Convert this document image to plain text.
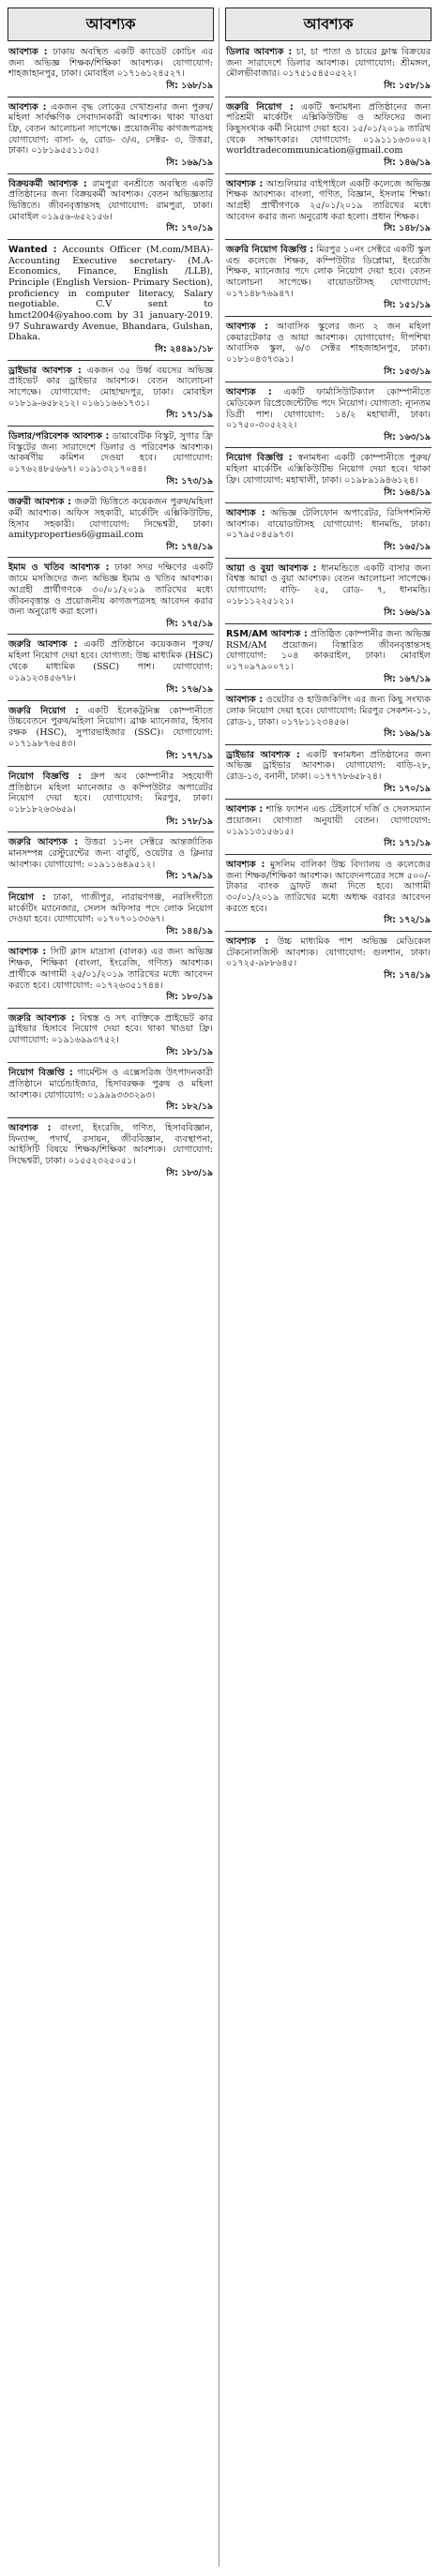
আবশ্যক
আবশ্যক : ঢাকায় অবস্থিত একটি ক্যাডেট কোচিং এর জন্য অভিজ্ঞ শিক্ষক/শিক্ষিকা আবশ্যক। যোগাযোগ: শাহজাহানপুর, ঢাকা। মোবাইল ০১৭১৬১২৪৫২৭।
সি: ১৬৮/১৯
আবশ্যক : একজন বৃদ্ধ লোকের দেখাশুনার জন্য পুরুষ/মহিলা সার্বক্ষণিক সেবাদানকারী আবশ্যক। থাকা খাওয়া ফ্রি, বেতন আলোচনা সাপেক্ষে। প্রয়োজনীয় কাগজপত্রসহ যোগাযোগ: বাসা- ৬, রোড- ৩/এ, সেক্টর- ৩, উত্তরা, ঢাকা। ০১৮১৯৫৫১১৩৫।
সি: ১৬৯/১৯
বিক্রয়কর্মী আবশ্যক : রামপুরা বনশ্রীতে অবস্থিত একটি প্রতিষ্ঠানের জন্য বিক্রয়কর্মী আবশ্যক। বেতন অভিজ্ঞতার ভিত্তিতে। জীবনবৃত্তান্তসহ যোগাযোগ: রামপুরা, ঢাকা। মোবাইল ০১৯৫৬-৬৫২১৫৬।
সি: ১৭০/১৯
Wanted : Accounts Officer (M.com/MBA)-Accounting Executive secretary- (M.A-Economics, Finance, English /LLB), Principle (English Version- Primary Section), proficiency in computer literacy, Salary negotiable. C.V sent to hmct2004@yahoo.com by 31 january-2019. 97 Suhrawardy Avenue, Bhandara, Gulshan, Dhaka.
সি: ২৪৪৯১/১৮
ড্রাইভার আবশ্যক : একজন ৩৫ উর্ধ্ব বয়সের অভিজ্ঞ প্রাইভেট কার ড্রাইভার আবশ্যক। বেতন আলোচনা সাপেক্ষে। যোগাযোগ: মোহাম্মদপুর, ঢাকা। মোবাইল ০১৮১৯-৬৫৮২১২। ০১৬১১৬৬১৭৩১।
সি: ১৭১/১৯
ডিলার/পরিবেশক আবশ্যক : ডায়াবেটিক বিস্কুট, সুগার ফ্রি বিস্কুটের জন্য সারাদেশে ডিলার ও পরিবেশক আবশ্যক। আকর্ষণীয় কমিশন দেওয়া হবে। যোগাযোগ: ০১৭৬২৪৮৫৬৬৭। ০১৯১৩২১৭০৪৪।
সি: ১৭৩/১৯
জরুরী আবশ্যক : জরুরী ভিত্তিতে কয়েকজন পুরুষ/মহিলা কর্মী আবশ্যক। অফিস সহকারী, মার্কেটিং এক্সিকিউটিভ, হিসাব সহকারী। যোগাযোগ: সিদ্ধেশ্বরী, ঢাকা। amityproperties6@gmail.com
সি: ১৭৪/১৯
ইমাম ও খতিব আবশ্যক : ঢাকা সদর দক্ষিণের একটি জামে মসজিদের জন্য অভিজ্ঞ ইমাম ও খতিব আবশ্যক। আগ্রহী প্রার্থীগণকে ৩০/০১/২০১৯ তারিখের মধ্যে জীবনবৃত্তান্ত ও প্রয়োজনীয় কাগজপত্রসহ আবেদন করার জন্য অনুরোধ করা হলো।
সি: ১৭৫/১৯
জরুরি আবশ্যক : একটি প্রতিষ্ঠানে কয়েকজন পুরুষ/মহিলা নিয়োগ দেয়া হবে। যোগ্যতা: উচ্চ মাধ্যমিক (HSC) থেকে মাধ্যমিক (SSC) পাশ। যোগাযোগ: ০১৯১২৩৪৫৬৭৮।
সি: ১৭৬/১৯
জরুরি নিয়োগ : একটি ইলেকট্রনিক্স কোম্পানীতে উচ্চবেতনে পুরুষ/মহিলা নিয়োগ। ব্রাঞ্চ ম্যানেজার, হিসাব রক্ষক (HSC), সুপারভাইজার (SSC)। যোগাযোগ: ০১৭১৯৮৭৬৫৪৩।
সি: ১৭৭/১৯
নিয়োগ বিজ্ঞপ্তি : গ্রুপ অব কোম্পানীর সহযোগী প্রতিষ্ঠানে মহিলা ম্যানেজার ও কম্পিউটার অপারেটর নিয়োগ দেয়া হবে। যোগাযোগ: মিরপুর, ঢাকা। ০১৮১৮২৬৩৬৫৯।
সি: ১৭৮/১৯
জরুরি আবশ্যক : উত্তরা ১১নং সেক্টরে আন্তর্জাতিক মানসম্পন্ন রেস্টুরেন্টের জন্য বাবুর্চি, ওয়েটার ও ক্লিনার আবশ্যক। যোগাযোগ: ০১৯১১৬৪৯৫১২।
সি: ১৭৯/১৯
নিয়োগ : ঢাকা, গাজীপুর, নারায়ণগঞ্জ, নরসিংদীতে মার্কেটিং ম্যানেজার, সেলস অফিসার পদে লোক নিয়োগ দেওয়া হবে। যোগাযোগ: ০১৭০৭০১৩৩৬৭।
সি: ১৪৪/১৯
আবশ্যক : সিটি ক্লাস মাদ্রাসা (বালক) এর জন্য অভিজ্ঞ শিক্ষক, শিক্ষিকা (বাংলা, ইংরেজি, গণিত) আবশ্যক। প্রার্থীকে আগামী ২৫/০১/২০১৯ তারিখের মধ্যে আবেদন করতে হবে। যোগাযোগ: ০১৭২৬৩৫১৭৪৪।
সি: ১৮০/১৯
জরুরি আবশ্যক : বিশ্বস্ত ও সৎ ব্যক্তিকে প্রাইভেট কার ড্রাইভার হিসাবে নিয়োগ দেয়া হবে। থাকা খাওয়া ফ্রি। যোগাযোগ: ০১৯১৬৯৯৩৭৫২।
সি: ১৮১/১৯
নিয়োগ বিজ্ঞপ্তি : গার্মেন্টস ও এক্সেসরিজ উৎপাদনকারী প্রতিষ্ঠানে মার্চেন্ডাইজার, হিসাবরক্ষক পুরুষ ও মহিলা আবশ্যক। যোগাযোগ: ০১৯৯৯৩৩৩২৯৩।
সি: ১৮২/১৯
আবশ্যক : বাংলা, ইংরেজি, গণিত, হিসাববিজ্ঞান, ফিন্যান্স, পদার্থ, রসায়ন, জীববিজ্ঞান, ব্যবস্থাপনা, আইসিটি বিষয়ে শিক্ষক/শিক্ষিকা আবশ্যক। যোগাযোগ: সিদ্ধেশ্বরী, ঢাকা। ০১৫৫২৩২৫০৫১।
সি: ১৮৩/১৯
আবশ্যক
ডিলার আবশ্যক : চা, চা পাতা ও চায়ের ফ্লাস্ক বিক্রয়ের জন্য সারাদেশে ডিলার আবশ্যক। যোগাযোগ: শ্রীমঙ্গল, মৌলভীবাজার। ০১৭৫১৫৪৫০৫২২।
সি: ১৫৮/১৯
জরুরি নিয়োগ : একটি স্বনামধন্য প্রতিষ্ঠানের জন্য পরিশ্রমী মার্কেটিং এক্সিকিউটিভ ও অফিসের জন্য কিছুসংখ্যক কর্মী নিয়োগ দেয়া হবে। ১৫/০১/২০১৯ তারিখ থেকে সাক্ষাৎকার। যোগাযোগ: ০১৯১১১৬৩০০২। worldtradecommunication@gmail.com
সি: ১৪৬/১৯
আবশ্যক : আশুলিয়ার বাইপাইলে একটি কলেজে অভিজ্ঞ শিক্ষক আবশ্যক। বাংলা, গণিত, বিজ্ঞান, ইসলাম শিক্ষা। আগ্রহী প্রার্থীগণকে ২৫/০১/২০১৯ তারিখের মধ্যে আবেদন করার জন্য অনুরোধ করা হলো। প্রধান শিক্ষক।
সি: ১৪৮/১৯
জরুরি নিয়োগ বিজ্ঞপ্তি : মিরপুর ১০নং সেক্টরে একটি স্কুল এন্ড কলেজে শিক্ষক, কম্পিউটার ডিপ্লোমা, ইংরেজি শিক্ষক, ম্যানেজার পদে লোক নিয়োগ দেয়া হবে। বেতন আলোচনা সাপেক্ষে। বায়োডাটাসহ যোগাযোগ: ০১৭১৪৮৭৬৯৪৭।
সি: ১৫১/১৯
আবশ্যক : আবাসিক স্কুলের জন্য ২ জন মহিলা কেয়ারটেকার ও আয়া আবশ্যক। যোগাযোগ: দীপশিখা আবাসিক স্কুল, ৬/৩ সেক্টর শাহজাহানপুর, ঢাকা। ০১৮১০৪৩৭৩৯১।
সি: ১৫৩/১৯
আবশ্যক : একটি ফার্মাসিউটিক্যাল কোম্পানীতে মেডিকেল রিপ্রেজেন্টেটিভ পদে নিয়োগ। যোগ্যতা: ন্যূনতম ডিগ্রী পাশ। যোগাযোগ: ১৪/২ মহাখালী, ঢাকা। ০১৭৫০-৩০৫২২২।
সি: ১৬৩/১৯
নিয়োগ বিজ্ঞপ্তি : স্বনামধন্য একটি কোম্পানীতে পুরুষ/মহিলা মার্কেটিং এক্সিকিউটিভ নিয়োগ দেয়া হবে। থাকা ফ্রি। যোগাযোগ: মহাখালী, ঢাকা। ০১৯৮৯১৯৪৬১২৪।
সি: ১৬৪/১৯
আবশ্যক : অভিজ্ঞ টেলিফোন অপারেটর, রিসিপশনিস্ট আবশ্যক। বায়োডাটাসহ যোগাযোগ: ধানমন্ডি, ঢাকা। ০১৭৯৫০৪৫৯৭৩।
সি: ১৬৫/১৯
আয়া ও বুয়া আবশ্যক : ধানমন্ডিতে একটি বাসার জন্য বিশ্বস্ত আয়া ও বুয়া আবশ্যক। বেতন আলোচনা সাপেক্ষে। যোগাযোগ: বাড়ি- ২৫, রোড- ৭, ধানমন্ডি। ০১৮১১২২৫১২১।
সি: ১৬৬/১৯
RSM/AM আবশ্যক : প্রতিষ্ঠিত কোম্পানীর জন্য অভিজ্ঞ RSM/AM প্রয়োজন। বিস্তারিত জীবনবৃত্তান্তসহ যোগাযোগ: ১০৪ কাকরাইল, ঢাকা। মোবাইল ০১৭০৯৭৯০০৭১।
সি: ১৬৭/১৯
আবশ্যক : ওয়েটার ও হাউজকিপিং এর জন্য কিছু সংখ্যক লোক নিয়োগ দেয়া হবে। যোগাযোগ: মিরপুর সেকশন-১১, রোড-১, ঢাকা। ০১৭৮১১২৩৪৫৬।
সি: ১৬৯/১৯
ড্রাইভার আবশ্যক : একটি স্বনামধন্য প্রতিষ্ঠানের জন্য অভিজ্ঞ ড্রাইভার আবশ্যক। যোগাযোগ: বাড়ি-২৮, রোড-১৩, বনানী, ঢাকা। ০১৭৭৭৮৬৫৮২৪।
সি: ১৭০/১৯
আবশ্যক : শান্তি ফ্যাশন এন্ড টেইলার্সে দর্জি ও সেলসম্যান প্রয়োজন। যোগ্যতা অনুযায়ী বেতন। যোগাযোগ: ০১৯১১৩১৫৬১৫।
সি: ১৭১/১৯
আবশ্যক : মুসলিম বালিকা উচ্চ বিদ্যালয় ও কলেজের জন্য শিক্ষক/শিক্ষিকা আবশ্যক। আবেদনপত্রের সঙ্গে ৫০০/- টাকার ব্যাংক ড্রাফট জমা দিতে হবে। আগামী ৩০/০১/২০১৯ তারিখের মধ্যে অধ্যক্ষ বরাবর আবেদন করতে হবে।
সি: ১৭২/১৯
আবশ্যক : উচ্চ মাধ্যমিক পাশ অভিজ্ঞ মেডিকেল টেকনোলজিস্ট আবশ্যক। যোগাযোগ: গুলশান, ঢাকা। ০১৭২৫-৯৮৮৬৪৫।
সি: ১৭৪/১৯
